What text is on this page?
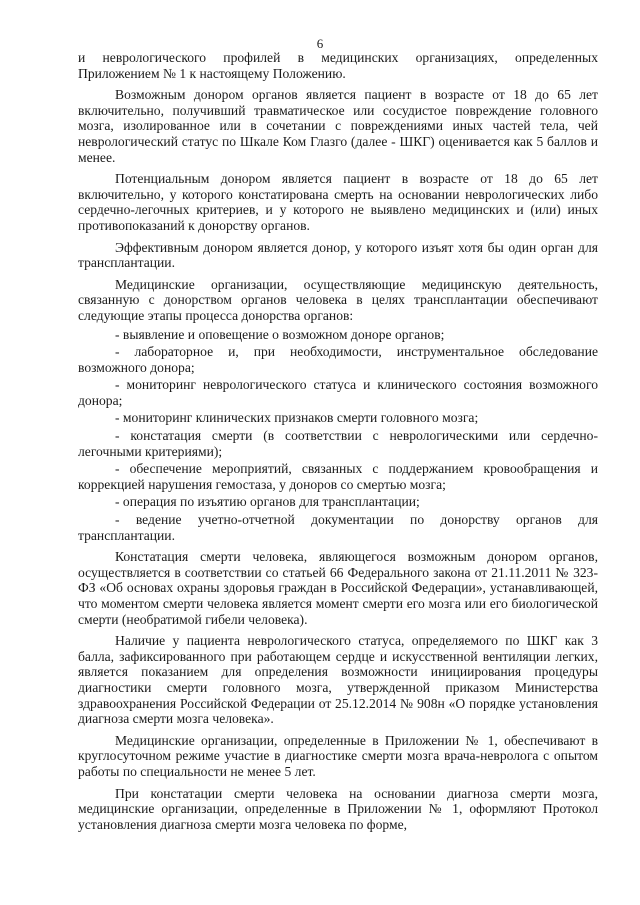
6

и неврологического профилей в медицинских организациях, определенных Приложением № 1 к настоящему Положению.

Возможным донором органов является пациент в возрасте от 18 до 65 лет включительно, получивший травматическое или сосудистое повреждение головного мозга, изолированное или в сочетании с повреждениями иных частей тела, чей неврологический статус по Шкале Ком Глазго (далее - ШКГ) оценивается как 5 баллов и менее.

Потенциальным донором является пациент в возрасте от 18 до 65 лет включительно, у которого констатирована смерть на основании неврологических либо сердечно-легочных критериев, и у которого не выявлено медицинских и (или) иных противопоказаний к донорству органов.

Эффективным донором является донор, у которого изъят хотя бы один орган для трансплантации.

Медицинские организации, осуществляющие медицинскую деятельность, связанную с донорством органов человека в целях трансплантации обеспечивают следующие этапы процесса донорства органов:

- выявление и оповещение о возможном доноре органов;

- лабораторное и, при необходимости, инструментальное обследование возможного донора;

- мониторинг неврологического статуса и клинического состояния возможного донора;

- мониторинг клинических признаков смерти головного мозга;

- констатация смерти (в соответствии с неврологическими или сердечно-легочными критериями);

- обеспечение мероприятий, связанных с поддержанием кровообращения и коррекцией нарушения гемостаза, у доноров со смертью мозга;

- операция по изъятию органов для трансплантации;

- ведение учетно-отчетной документации по донорству органов для трансплантации.

Констатация смерти человека, являющегося возможным донором органов, осуществляется в соответствии со статьей 66 Федерального закона от 21.11.2011 № 323-ФЗ «Об основах охраны здоровья граждан в Российской Федерации», устанавливающей, что моментом смерти человека является момент смерти его мозга или его биологической смерти (необратимой гибели человека).

Наличие у пациента неврологического статуса, определяемого по ШКГ как 3 балла, зафиксированного при работающем сердце и искусственной вентиляции легких, является показанием для определения возможности инициирования процедуры диагностики смерти головного мозга, утвержденной приказом Министерства здравоохранения Российской Федерации от 25.12.2014 № 908н «О порядке установления диагноза смерти мозга человека».

Медицинские организации, определенные в Приложении № 1, обеспечивают в круглосуточном режиме участие в диагностике смерти мозга врача-невролога с опытом работы по специальности не менее 5 лет.

При констатации смерти человека на основании диагноза смерти мозга, медицинские организации, определенные в Приложении № 1, оформляют Протокол установления диагноза смерти мозга человека по форме,
